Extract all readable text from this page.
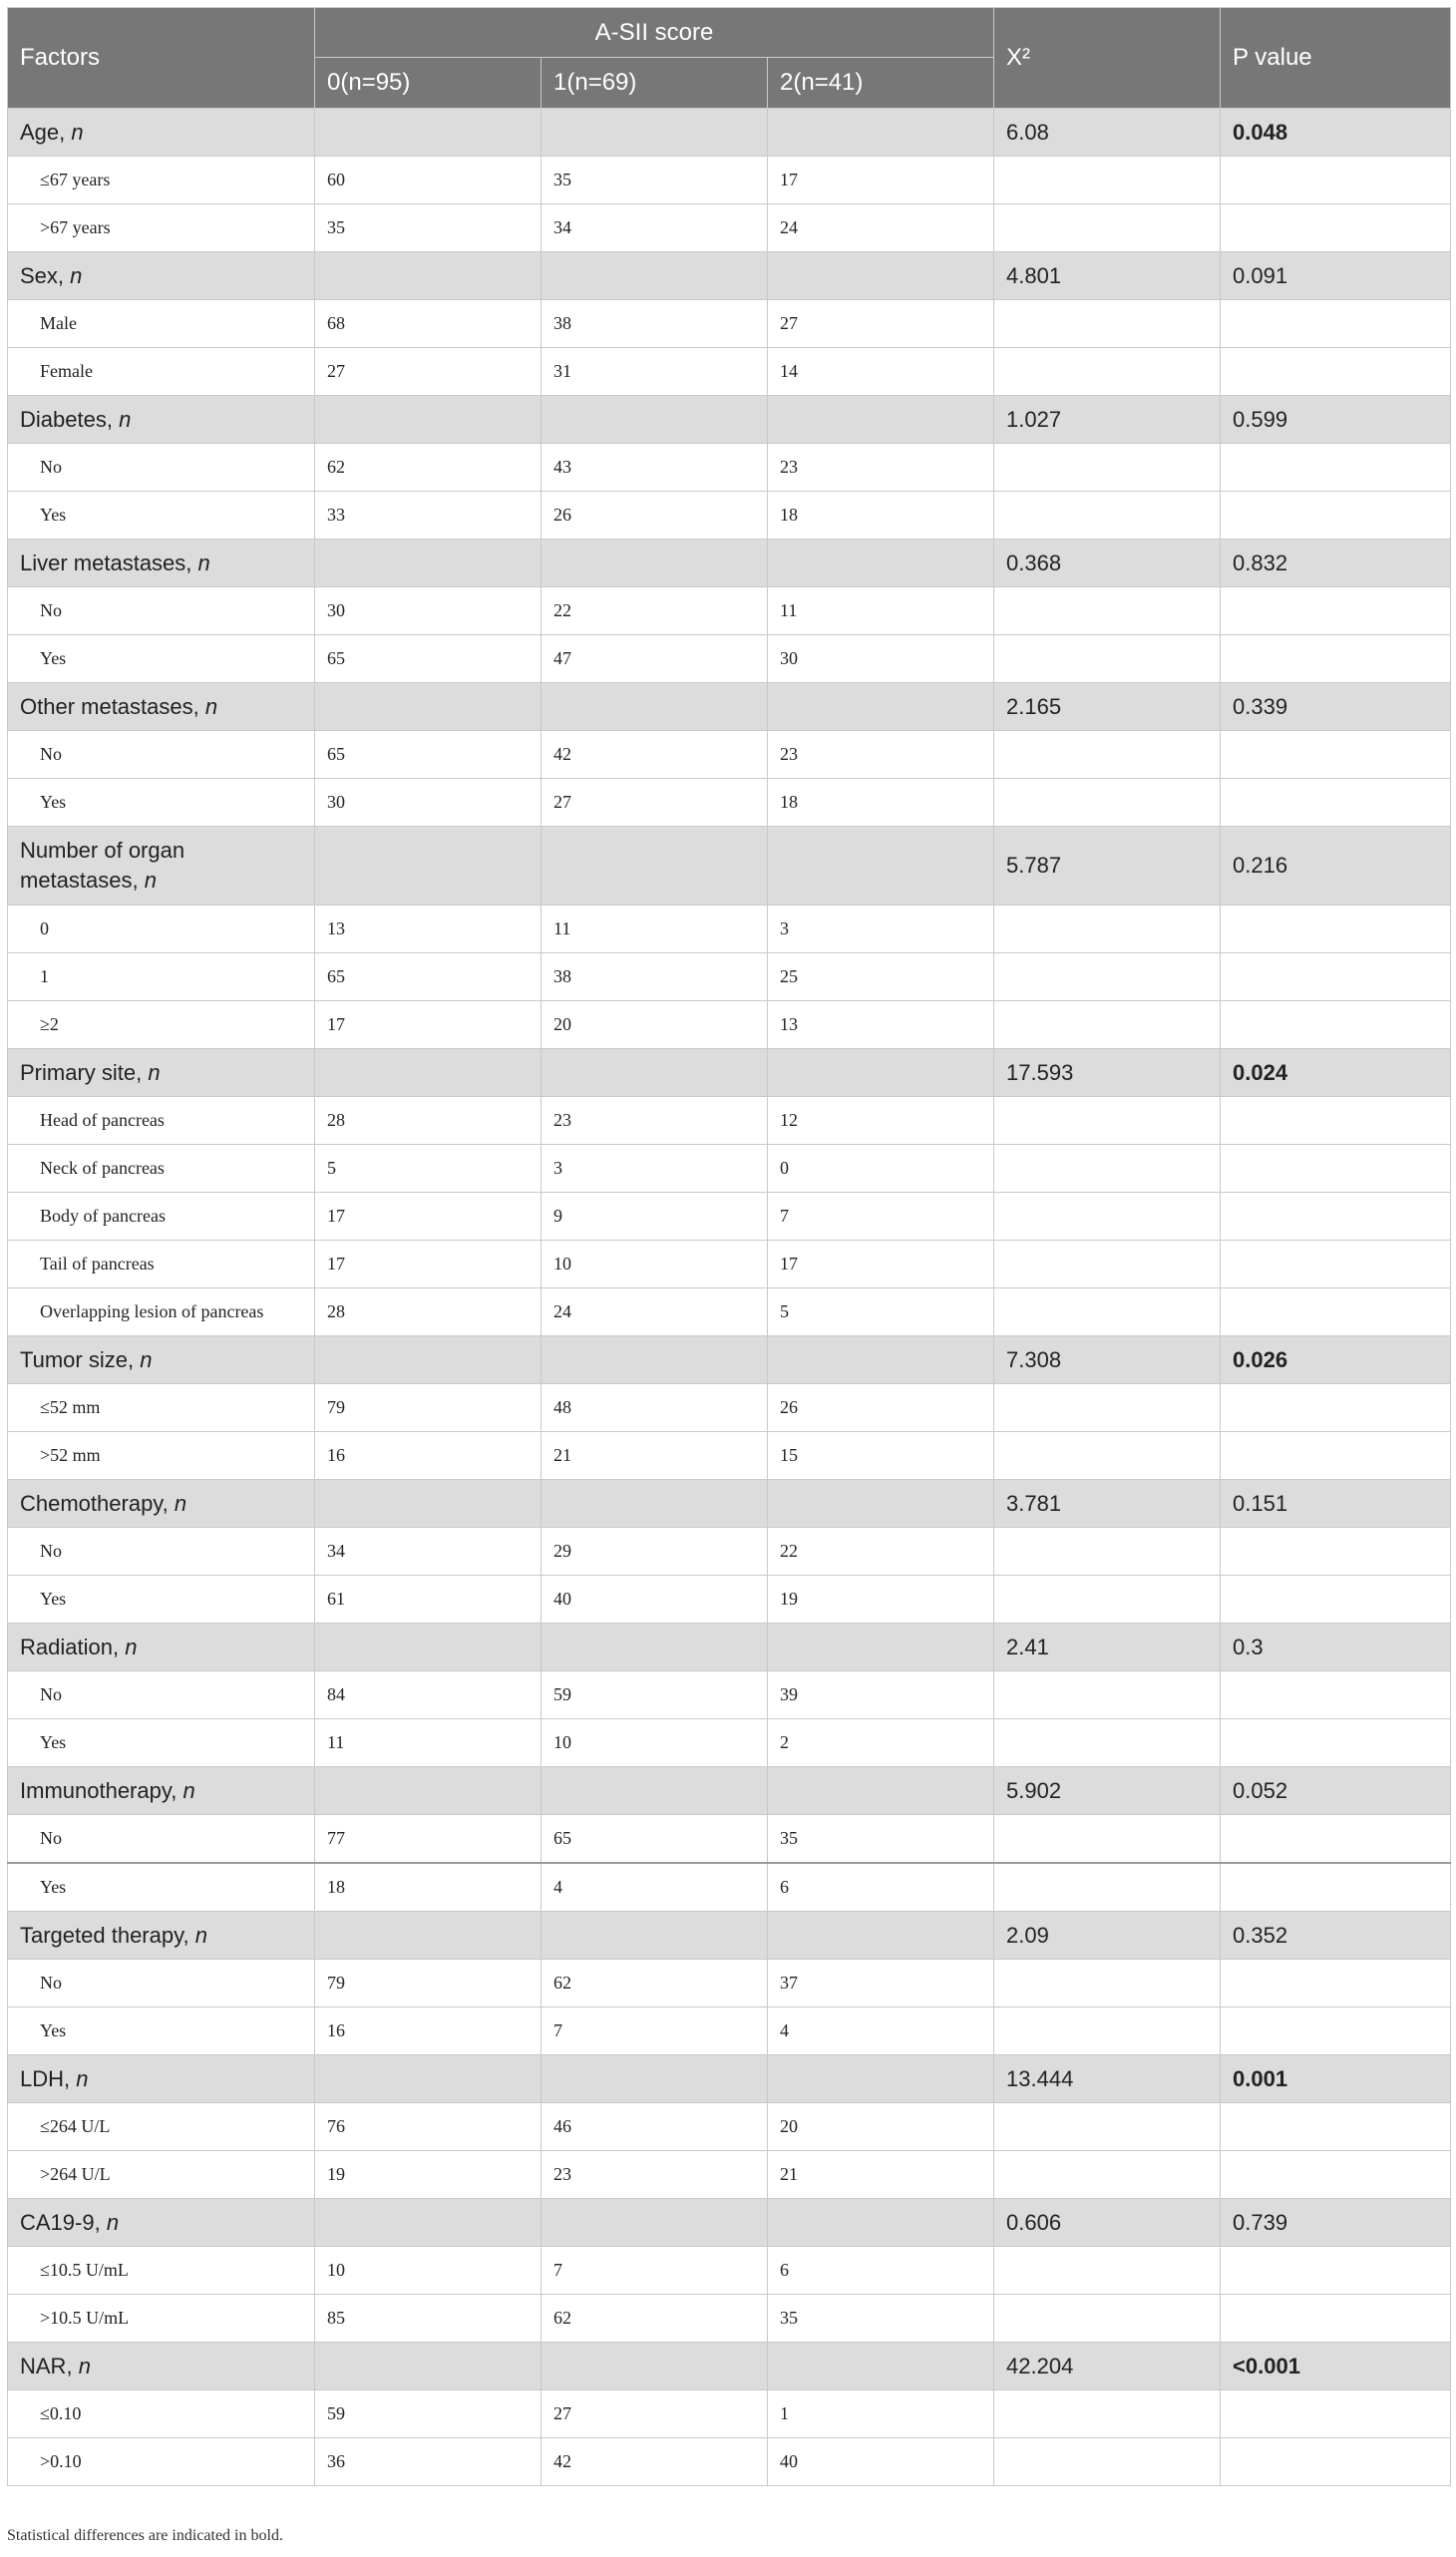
Factors	A-SII score			X²	P value
	0(n=95)	1(n=69)	2(n=41)		
Age, n				6.08	0.048
≤67 years	60	35	17		
>67 years	35	34	24		
Sex, n				4.801	0.091
Male	68	38	27		
Female	27	31	14		
Diabetes, n				1.027	0.599
No	62	43	23		
Yes	33	26	18		
Liver metastases, n				0.368	0.832
No	30	22	11		
Yes	65	47	30		
Other metastases, n				2.165	0.339
No	65	42	23		
Yes	30	27	18		
Number of organ metastases, n				5.787	0.216
0	13	11	3		
1	65	38	25		
≥2	17	20	13		
Primary site, n				17.593	0.024
Head of pancreas	28	23	12		
Neck of pancreas	5	3	0		
Body of pancreas	17	9	7		
Tail of pancreas	17	10	17		
Overlapping lesion of pancreas	28	24	5		
Tumor size, n				7.308	0.026
≤52 mm	79	48	26		
>52 mm	16	21	15		
Chemotherapy, n				3.781	0.151
No	34	29	22		
Yes	61	40	19		
Radiation, n				2.41	0.3
No	84	59	39		
Yes	11	10	2		
Immunotherapy, n				5.902	0.052
No	77	65	35		
Yes	18	4	6		
Targeted therapy, n				2.09	0.352
No	79	62	37		
Yes	16	7	4		
LDH, n				13.444	0.001
≤264 U/L	76	46	20		
>264 U/L	19	23	21		
CA19-9, n				0.606	0.739
≤10.5 U/mL	10	7	6		
>10.5 U/mL	85	62	35		
NAR, n				42.204	<0.001
≤0.10	59	27	1		
>0.10	36	42	40		
Statistical differences are indicated in bold.
